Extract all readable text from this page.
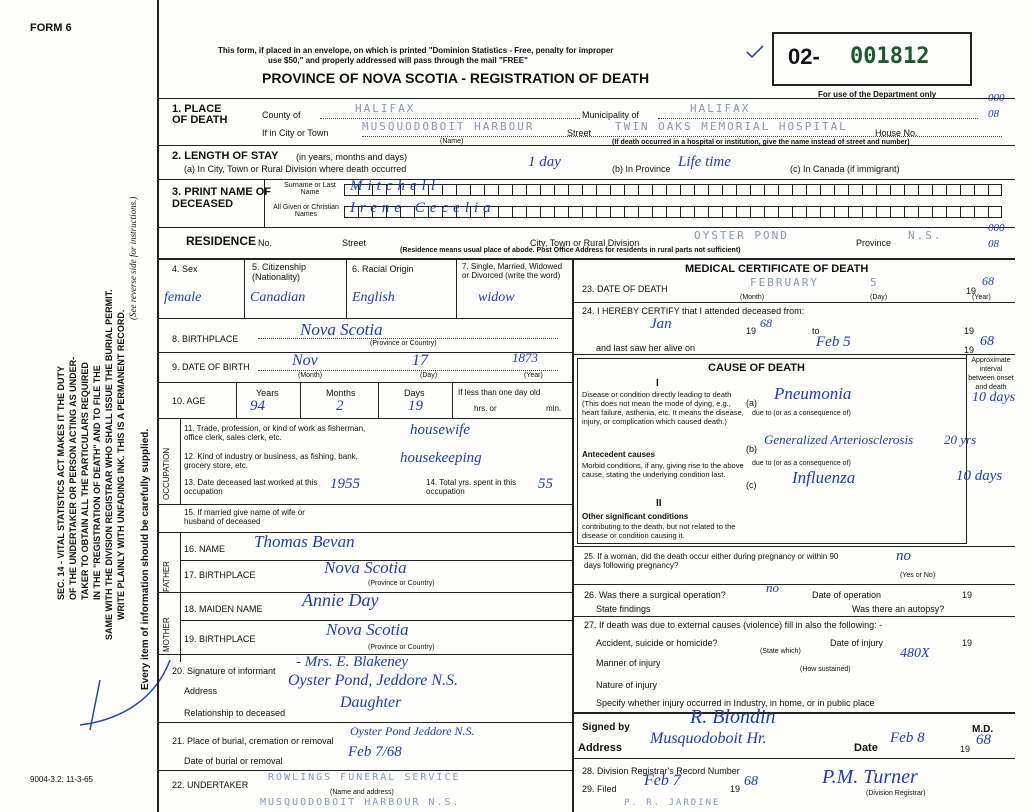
FORM 6
This form, if placed in an envelope, on which is printed "Dominion Statistics - Free, penalty for improper
use $50," and properly addressed will pass through the mail "FREE"
PROVINCE OF NOVA SCOTIA - REGISTRATION OF DEATH
02- 001812
For use of the Department only	000
08
SEC. 14 - VITAL STATISTICS ACT MAKES IT THE DUTY OF THE UNDERTAKER OR PERSON ACTING AS UNDER- TAKER TO OBTAIN ALL THE PARTICULARS REQUIRED IN THE "REGISTRATION OF DEATH" AND TO FILE THE SAME WITH THE DIVISION REGISTRAR WHO SHALL ISSUE THE BURIAL PERMIT. WRITE PLAINLY WITH UNFADING INK. THIS IS A PERMANENT RECORD.
(See reverse side for instructions.)
Every item of information should be carefully supplied.
9004-3.2: 11-3-65
1. PLACE OF DEATH	County of	HALIFAX	Municipality of	HALIFAX
If in City or Town	MUSQUODOBOIT HARBOUR
(Name)
Street TWIN OAKS MEMORIAL HOSPITAL	House No.
(If death occurred in a hospital or institution, give the name instead of street and number)
2. LENGTH OF STAY (in years, months and days)
(a) In City, Town or Rural Division where death occurred	1 day	(b) In Province Life time	(c) In Canada (if immigrant)
3. PRINT NAME OF DECEASED
Surname or Last Name
All Given or Christian Names
Mitchell
Irene Cecelia
RESIDENCE No.	Street	City, Town or Rural Division
OYSTER POND
Province
N.S.
(Residence means usual place of abode. Post Office Address for residents in rural parts not sufficient)
000
08
4. Sex	5. Citizenship (Nationality)
6. Racial Origin	7. Single, Married, Widowed or Divorced (write the word)
female	Canadian	English	widow
8. BIRTHPLACE	Nova Scotia
(Province or Country)
9. DATE OF BIRTH	Nov	17	1873
(Month)	(Day)	(Year)
10. AGE
Years	Months	Days
94	2	19
If less than one day old
hrs. or	min.
OCCUPATION
11. Trade, profession, or kind of work as fisherman, office clerk, sales clerk, etc.	housewife
12. Kind of industry or business, as fishing, bank, grocery store, etc.	housekeeping
13. Date deceased last worked at this occupation	1955	14. Total yrs. spent in this occupation	55
15. If married give name of wife or husband of deceased
FATHER
16. NAME Thomas Bevan
17. BIRTHPLACE	Nova Scotia
(Province or Country)
MOTHER
18. MAIDEN NAME Annie Day
19. BIRTHPLACE	Nova Scotia
(Province or Country)
20. Signature of informant
- Mrs. E. Blakeney
Address
Oyster Pond, Jeddore N.S.
Relationship to deceased
Daughter
21. Place of burial, cremation or removal
Oyster Pond Jeddore N.S.
Date of burial or removal
Feb 7/68
22. UNDERTAKER
ROWLINGS FUNERAL SERVICE
(Name and address)
MUSQUODOBOIT HARBOUR N.S.
MEDICAL CERTIFICATE OF DEATH
23. DATE OF DEATH	FEBRUARY	5
19
68
(Month)	(Day)	(Year)
24. I HEREBY CERTIFY that I attended deceased from:
Jan	19
68
to	19
and last saw her alive on	Feb 5	19
68
CAUSE OF DEATH
Approximate interval between onset and death
I
Disease or condition directly leading to death (This does not mean the mode of dying, e.g., heart failure, asthenia, etc. It means the disease, injury, or complication which caused death.)
(a) Pneumonia	10 days
due to (or as a consequence of)
Antecedent causes
Morbid conditions, if any, giving rise to the above cause, stating the underlying condition last.
(b)
Generalized Arteriosclerosis 20 yrs
due to (or as a consequence of)
(c) Influenza	10 days
II
Other significant conditions
contributing to the death, but not related to the disease or condition causing it.
25. If a woman, did the death occur either during pregnancy or within 90 days following pregnancy?
no
(Yes or No)
26. Was there a surgical operation?	no	Date of operation	19
State findings	Was there an autopsy?
27. If death was due to external causes (violence) fill in also the following: -
Accident, suicide or homicide?	Date of injury	19
(State which)
Manner of injury
480X
(How sustained)
Nature of injury
Specify whether injury occurred in Industry, in home, or in public place
Signed by	R. Blondin
M.D.
Address
Musquodoboit Hr.
Date
Feb 8
19
68
28. Division Registrar's Record Number
29. Filed Feb 7	19 68	P.M. Turner
(Division Registrar)
P. R. JARDINE
